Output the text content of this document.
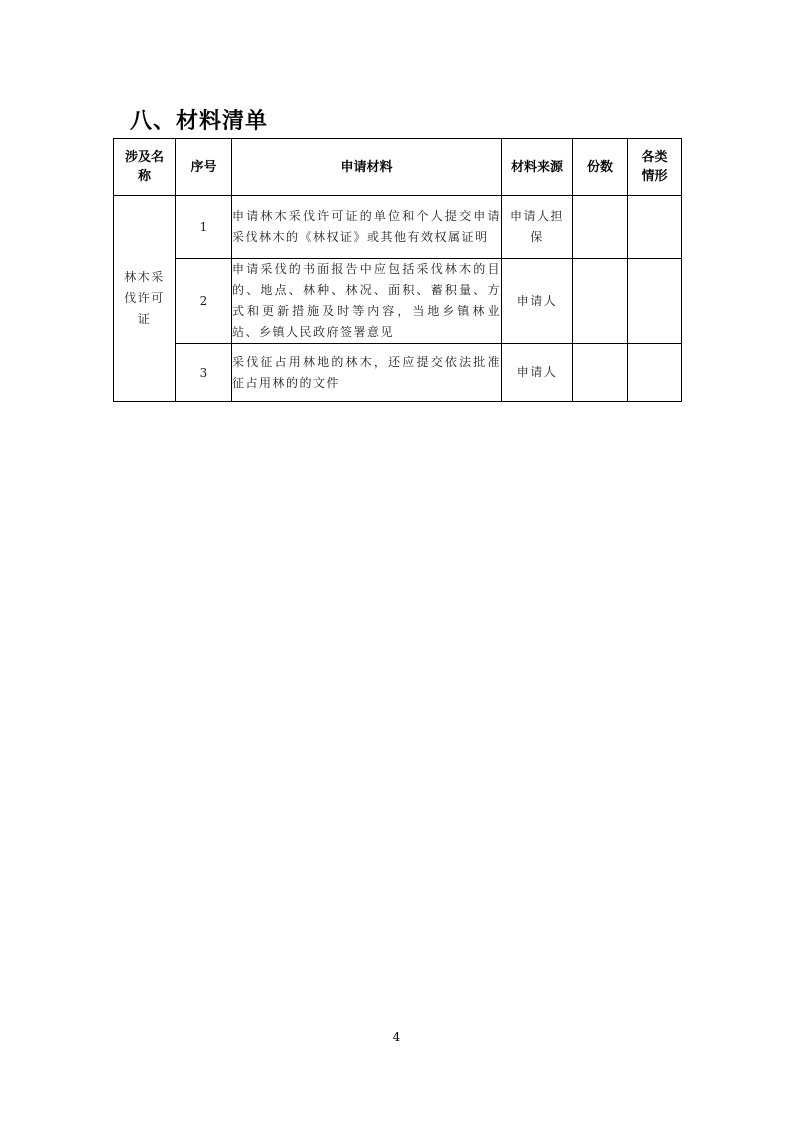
八、材料清单
涉及名
称	序号	申请材料	材料来源	份数	各类
情形
林木采
伐许可
证	1	申请林木采伐许可证的单位和个人提交申请采伐林木的《林权证》或其他有效权属证明	申请人担
保		
	2	申请采伐的书面报告中应包括采伐林木的目的、地点、林种、林况、面积、蓄积量、方式和更新措施及时等内容，当地乡镇林业站、乡镇人民政府签署意见	申请人		
	3	采伐征占用林地的林木，还应提交依法批准征占用林的的文件	申请人		
4
